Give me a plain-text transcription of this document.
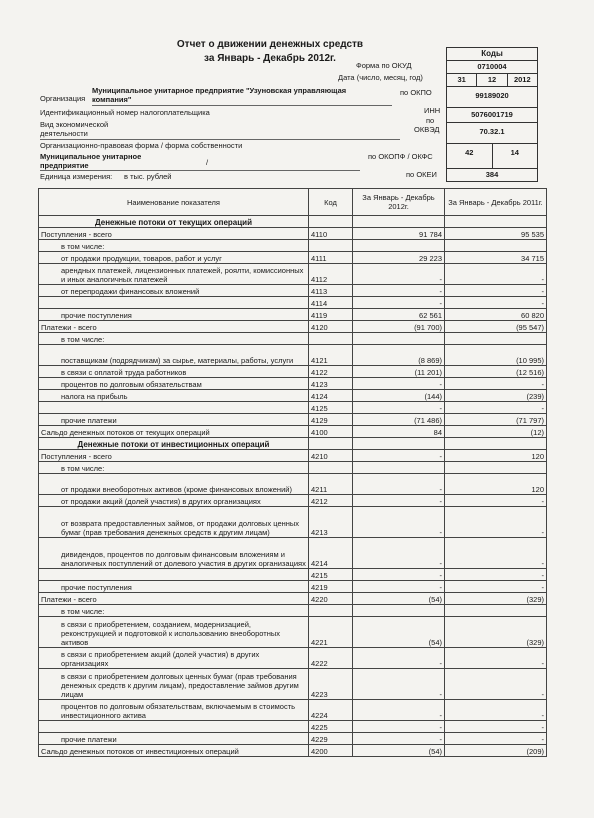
Отчет о движении денежных средств
за Январь - Декабрь 2012г.
Форма по ОКУД
Дата (число, месяц, год)
Коды
0710004
31	12	2012
99189020
5076001719
70.32.1
42	14
384
Организация
Муниципальное унитарное предприятие "Узуновская управляющая
компания"
по ОКПО
Идентификационный номер налогоплательщика	ИНН
Вид экономической
деятельности
по
ОКВЭД
Организационно-правовая форма / форма собственности
Муниципальное унитарное
предприятие	/
по ОКОПФ / ОКФС
Единица измерения: в тыс. рублей	по ОКЕИ
Наименование показателя	Код	За Январь - Декабрь 2012г.	За Январь - Декабрь 2011г.
Денежные потоки от текущих операций			
Поступления - всего	4110	91 784	95 535
в том числе:			
от продажи продукции, товаров, работ и услуг	4111	29 223	34 715
арендных платежей, лицензионных платежей, роялти, комиссионных и иных аналогичных платежей	4112	-	-
от перепродажи финансовых вложений	4113	-	-
	4114	-	-
прочие поступления	4119	62 561	60 820
Платежи - всего	4120	(91 700)	(95 547)
в том числе:			
поставщикам (подрядчикам) за сырье, материалы, работы, услуги	4121	(8 869)	(10 995)
в связи с оплатой труда работников	4122	(11 201)	(12 516)
процентов по долговым обязательствам	4123	-	-
налога на прибыль	4124	(144)	(239)
	4125	-	-
прочие платежи	4129	(71 486)	(71 797)
Сальдо денежных потоков от текущих операций	4100	84	(12)
Денежные потоки от инвестиционных операций			
Поступления - всего	4210	-	120
в том числе:			
от продажи внеоборотных активов (кроме финансовых вложений)	4211	-	120
от продажи акций (долей участия) в других организациях	4212	-	-
от возврата предоставленных займов, от продажи долговых ценных бумаг (прав требования денежных средств к другим лицам)	4213	-	-
дивидендов, процентов по долговым финансовым вложениям и аналогичных поступлений от долевого участия в других организациях	4214	-	-
	4215	-	-
прочие поступления	4219	-	-
Платежи - всего	4220	(54)	(329)
в том числе:			
в связи с приобретением, созданием, модернизацией, реконструкцией и подготовкой к использованию внеоборотных активов	4221	(54)	(329)
в связи с приобретением акций (долей участия) в других организациях	4222	-	-
в связи с приобретением долговых ценных бумаг (прав требования денежных средств к другим лицам), предоставление займов другим лицам	4223	-	-
процентов по долговым обязательствам, включаемым в стоимость инвестиционного актива	4224	-	-
	4225	-	-
прочие платежи	4229	-	-
Сальдо денежных потоков от инвестиционных операций	4200	(54)	(209)
